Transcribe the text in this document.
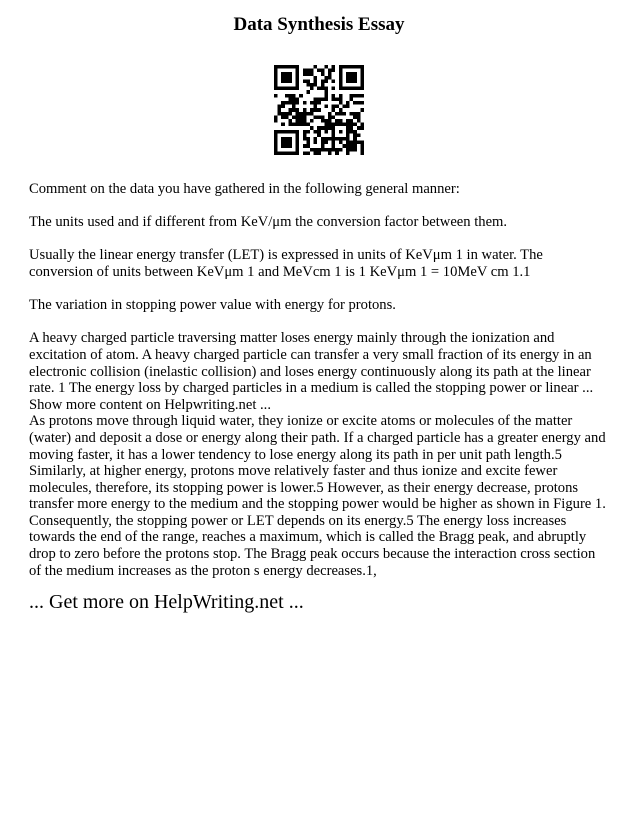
Data Synthesis Essay

Comment on the data you have gathered in the following general manner:

The units used and if different from KeV/μm the conversion factor between them.

Usually the linear energy transfer (LET) is expressed in units of KeVμm 1 in water. The conversion of units between KeVμm 1 and MeVcm 1 is 1 KeVμm 1 = 10MeV cm 1.1

The variation in stopping power value with energy for protons.

A heavy charged particle traversing matter loses energy mainly through the ionization and excitation of atom. A heavy charged particle can transfer a very small fraction of its energy in an electronic collision (inelastic collision) and loses energy continuously along its path at the linear rate. 1 The energy loss by charged particles in a medium is called the stopping power or linear ... Show more content on Helpwriting.net ...

As protons move through liquid water, they ionize or excite atoms or molecules of the matter (water) and deposit a dose or energy along their path. If a charged particle has a greater energy and moving faster, it has a lower tendency to lose energy along its path in per unit path length.5 Similarly, at higher energy, protons move relatively faster and thus ionize and excite fewer molecules, therefore, its stopping power is lower.5 However, as their energy decrease, protons transfer more energy to the medium and the stopping power would be higher as shown in Figure 1. Consequently, the stopping power or LET depends on its energy.5 The energy loss increases towards the end of the range, reaches a maximum, which is called the Bragg peak, and abruptly drop to zero before the protons stop. The Bragg peak occurs because the interaction cross section of the medium increases as the proton s energy decreases.1,

... Get more on HelpWriting.net ...
